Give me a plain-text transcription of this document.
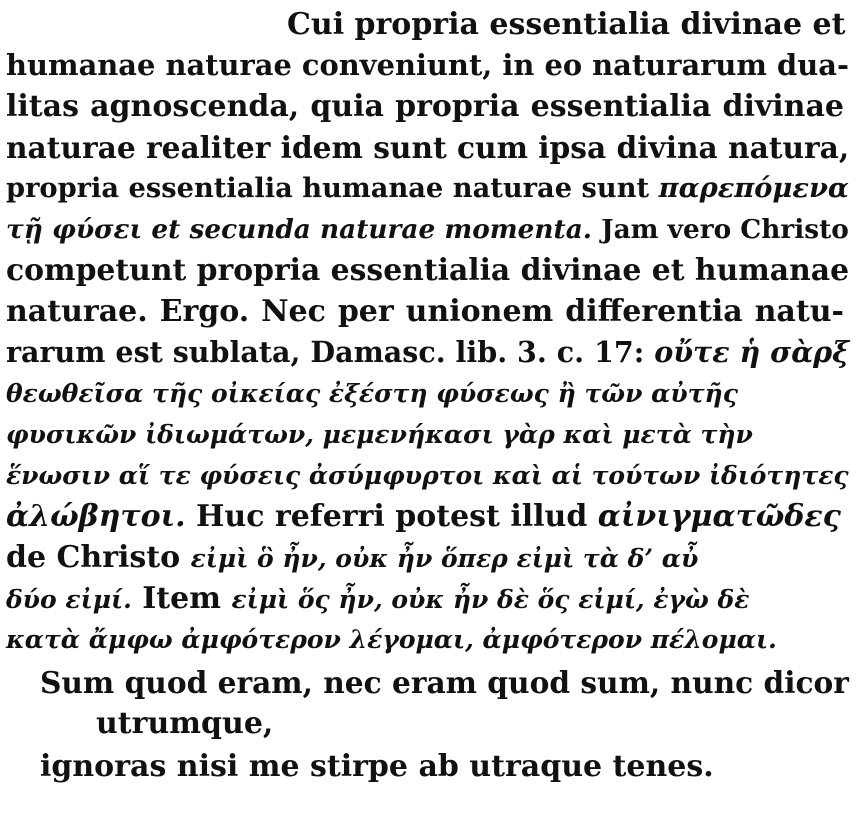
Cui propria essentialia divinae et
humanae naturae conveniunt, in eo naturarum dua-
litas agnoscenda, quia propria essentialia divinae
naturae realiter idem sunt cum ipsa divina natura,
propria essentialia humanae naturae sunt παρεπόμενα
τῇ φύσει et secunda naturae momenta. Jam vero Christo
competunt propria essentialia divinae et humanae
naturae. Ergo. Nec per unionem differentia natu-
rarum est sublata, Damasc. lib. 3. c. 17: οὔτε ἡ σὰρξ
θεωθεῖσα τῆς οἰκείας ἐξέστη φύσεως ἢ τῶν αὐτῆς
φυσικῶν ἰδιωμάτων, μεμενήκασι γὰρ καὶ μετὰ τὴν
ἕνωσιν αἵ τε φύσεις ἀσύμφυρτοι καὶ αἱ τούτων ἰδιότητες
ἀλώβητοι. Huc referri potest illud αἰνιγματῶδες
de Christo εἰμὶ ὃ ἦν, οὐκ ἦν ὅπερ εἰμὶ τὰ δ’ αὖ
δύο εἰμί. Item εἰμὶ ὅς ἦν, οὐκ ἦν δὲ ὅς εἰμί, ἐγὼ δὲ
κατὰ ἄμφω ἀμφότερον λέγομαι, ἀμφότερον πέλομαι.
Sum quod eram, nec eram quod sum, nunc dicor
utrumque,
ignoras nisi me stirpe ab utraque tenes.
